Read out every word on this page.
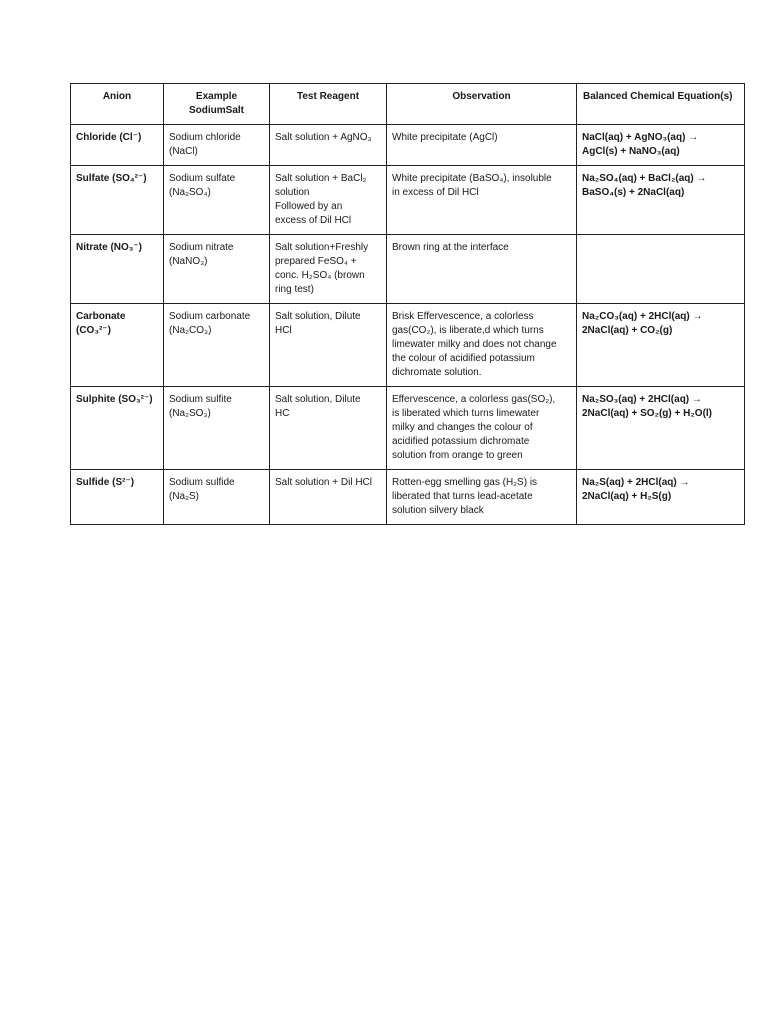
Anion	Example
SodiumSalt	Test Reagent	Observation	Balanced Chemical Equation(s)
Chloride (Cl⁻)	Sodium chloride
(NaCl)	Salt solution + AgNO₃	White precipitate (AgCl)	NaCl(aq) + AgNO₃(aq) →
AgCl(s) + NaNO₃(aq)
Sulfate (SO₄²⁻)	Sodium sulfate
(Na₂SO₄)	Salt solution + BaCl₂
solution
Followed by an
excess of Dil HCl	White precipitate (BaSO₄), insoluble
in excess of Dil HCl	Na₂SO₄(aq) + BaCl₂(aq) →
BaSO₄(s) + 2NaCl(aq)
Nitrate (NO₃⁻)	Sodium nitrate
(NaNO₃)	Salt solution+Freshly
prepared FeSO₄ +
conc. H₂SO₄ (brown
ring test)	Brown ring at the interface	
Carbonate
(CO₃²⁻)	Sodium carbonate
(Na₂CO₃)	Salt solution, Dilute
HCl	Brisk Effervescence, a colorless
gas(CO₂), is liberate,d which turns
limewater milky and does not change
the colour of acidified potassium
dichromate solution.	Na₂CO₃(aq) + 2HCl(aq) →
2NaCl(aq) + CO₂(g)
Sulphite (SO₃²⁻)	Sodium sulfite
(Na₂SO₃)	Salt solution, Dilute
HC	Effervescence, a colorless gas(SO₂),
is liberated which turns limewater
milky and changes the colour of
acidified potassium dichromate
solution from orange to green	Na₂SO₃(aq) + 2HCl(aq) →
2NaCl(aq) + SO₂(g) + H₂O(l)
Sulfide (S²⁻)	Sodium sulfide
(Na₂S)	Salt solution + Dil HCl	Rotten-egg smelling gas (H₂S) is
liberated that turns lead-acetate
solution silvery black	Na₂S(aq) + 2HCl(aq) →
2NaCl(aq) + H₂S(g)
